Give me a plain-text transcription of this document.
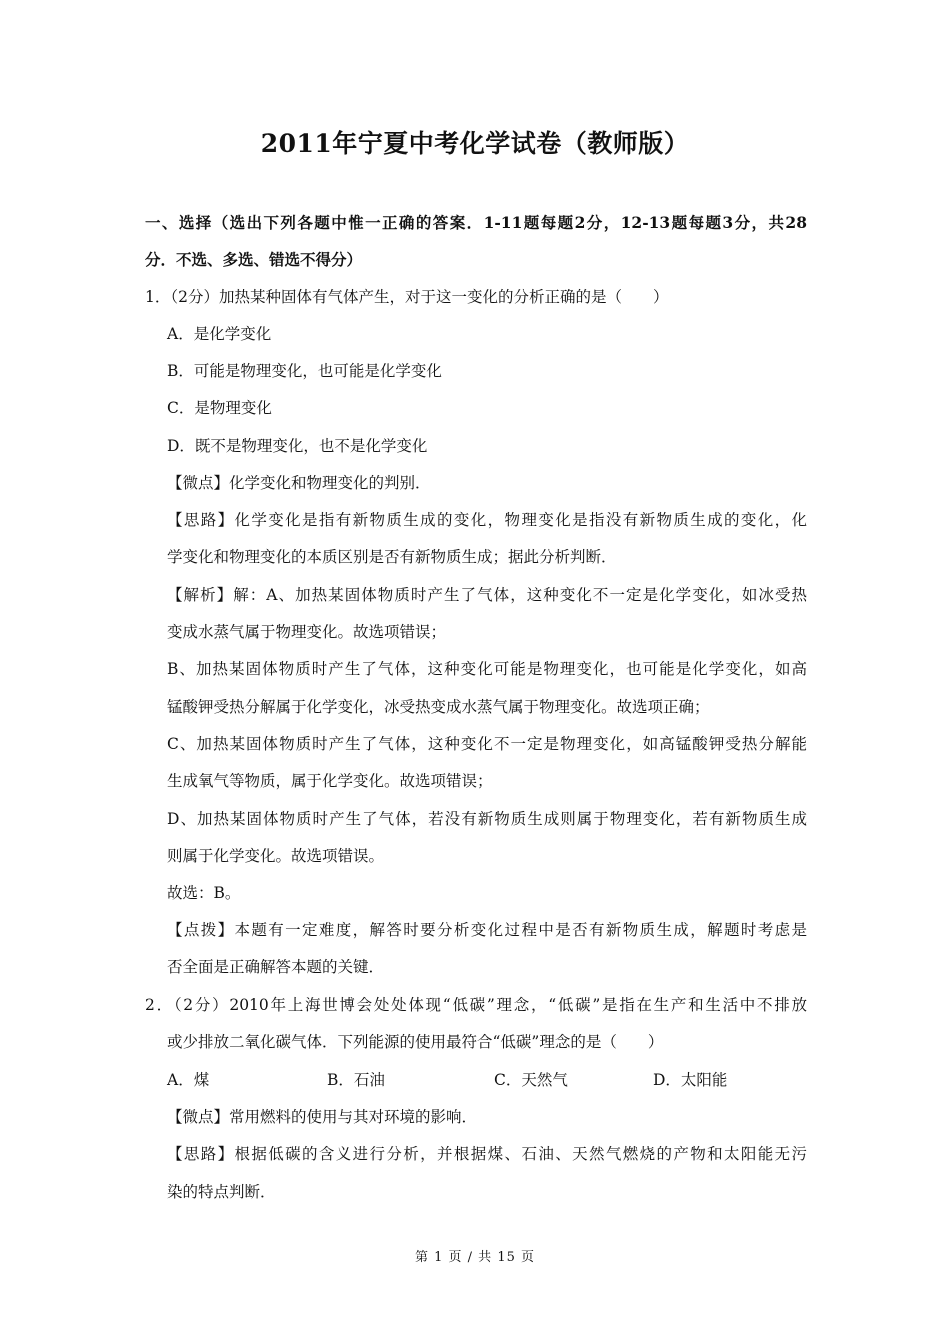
2011年宁夏中考化学试卷（教师版）
一、选择（选出下列各题中惟一正确的答案．1-11题每题2分，12-13题每题3分，共28
分．不选、多选、错选不得分）
1．（2分）加热某种固体有气体产生，对于这一变化的分析正确的是（　　）
A．是化学变化
B．可能是物理变化，也可能是化学变化
C．是物理变化
D．既不是物理变化，也不是化学变化
【微点】化学变化和物理变化的判别．
【思路】化学变化是指有新物质生成的变化，物理变化是指没有新物质生成的变化，化
学变化和物理变化的本质区别是否有新物质生成；据此分析判断．
【解析】解：A、加热某固体物质时产生了气体，这种变化不一定是化学变化，如冰受热
变成水蒸气属于物理变化。故选项错误；
B、加热某固体物质时产生了气体，这种变化可能是物理变化，也可能是化学变化，如高
锰酸钾受热分解属于化学变化，冰受热变成水蒸气属于物理变化。故选项正确；
C、加热某固体物质时产生了气体，这种变化不一定是物理变化，如高锰酸钾受热分解能
生成氧气等物质，属于化学变化。故选项错误；
D、加热某固体物质时产生了气体，若没有新物质生成则属于物理变化，若有新物质生成
则属于化学变化。故选项错误。
故选：B。
【点拨】本题有一定难度，解答时要分析变化过程中是否有新物质生成，解题时考虑是
否全面是正确解答本题的关键．
2．（2分）2010年上海世博会处处体现“低碳”理念，“低碳”是指在生产和生活中不排放
或少排放二氧化碳气体．下列能源的使用最符合“低碳”理念的是（　　）
A．煤	B．石油	C．天然气	D．太阳能
【微点】常用燃料的使用与其对环境的影响．
【思路】根据低碳的含义进行分析，并根据煤、石油、天然气燃烧的产物和太阳能无污
染的特点判断．
第 1 页 / 共 15 页
